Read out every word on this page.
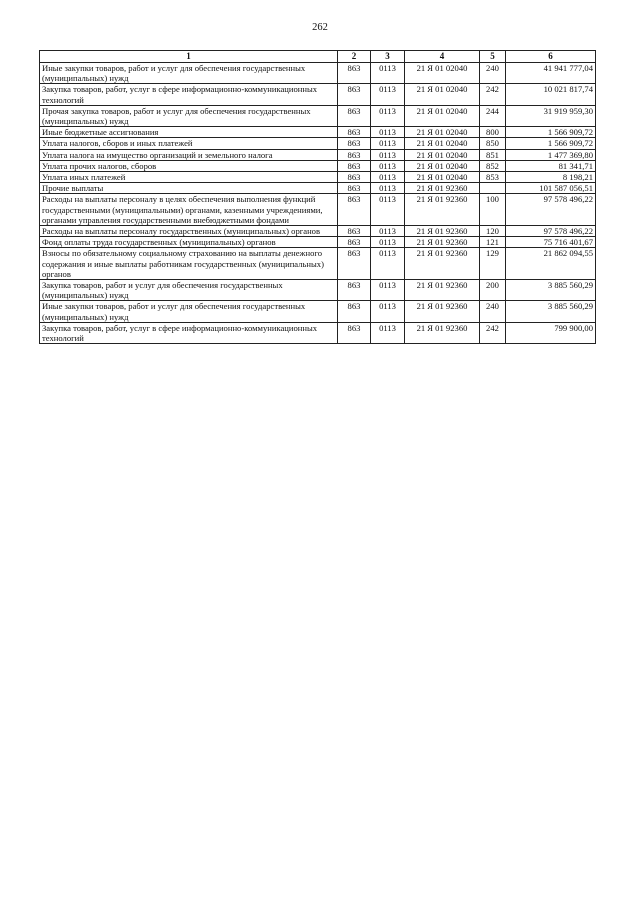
262
1	2	3	4	5	6
Иные закупки товаров, работ и услуг для обеспечения государственных (муниципальных) нужд	863	0113	21 Я 01 02040	240	41 941 777,04
Закупка товаров, работ, услуг в сфере информационно-коммуникационных технологий	863	0113	21 Я 01 02040	242	10 021 817,74
Прочая закупка товаров, работ и услуг для обеспечения государственных (муниципальных) нужд	863	0113	21 Я 01 02040	244	31 919 959,30
Иные бюджетные ассигнования	863	0113	21 Я 01 02040	800	1 566 909,72
Уплата налогов, сборов и иных платежей	863	0113	21 Я 01 02040	850	1 566 909,72
Уплата налога на имущество организаций и земельного налога	863	0113	21 Я 01 02040	851	1 477 369,80
Уплата прочих налогов, сборов	863	0113	21 Я 01 02040	852	81 341,71
Уплата иных платежей	863	0113	21 Я 01 02040	853	8 198,21
Прочие выплаты	863	0113	21 Я 01 92360		101 587 056,51
Расходы на выплаты персоналу в целях обеспечения выполнения функций государственными (муниципальными) органами, казенными учреждениями, органами управления государственными внебюджетными фондами	863	0113	21 Я 01 92360	100	97 578 496,22
Расходы на выплаты персоналу государственных (муниципальных) органов	863	0113	21 Я 01 92360	120	97 578 496,22
Фонд оплаты труда государственных (муниципальных) органов	863	0113	21 Я 01 92360	121	75 716 401,67
Взносы по обязательному социальному страхованию на выплаты денежного содержания и иные выплаты работникам государственных (муниципальных) органов	863	0113	21 Я 01 92360	129	21 862 094,55
Закупка товаров, работ и услуг для обеспечения государственных (муниципальных) нужд	863	0113	21 Я 01 92360	200	3 885 560,29
Иные закупки товаров, работ и услуг для обеспечения государственных (муниципальных) нужд	863	0113	21 Я 01 92360	240	3 885 560,29
Закупка товаров, работ, услуг в сфере информационно-коммуникационных технологий	863	0113	21 Я 01 92360	242	799 900,00
